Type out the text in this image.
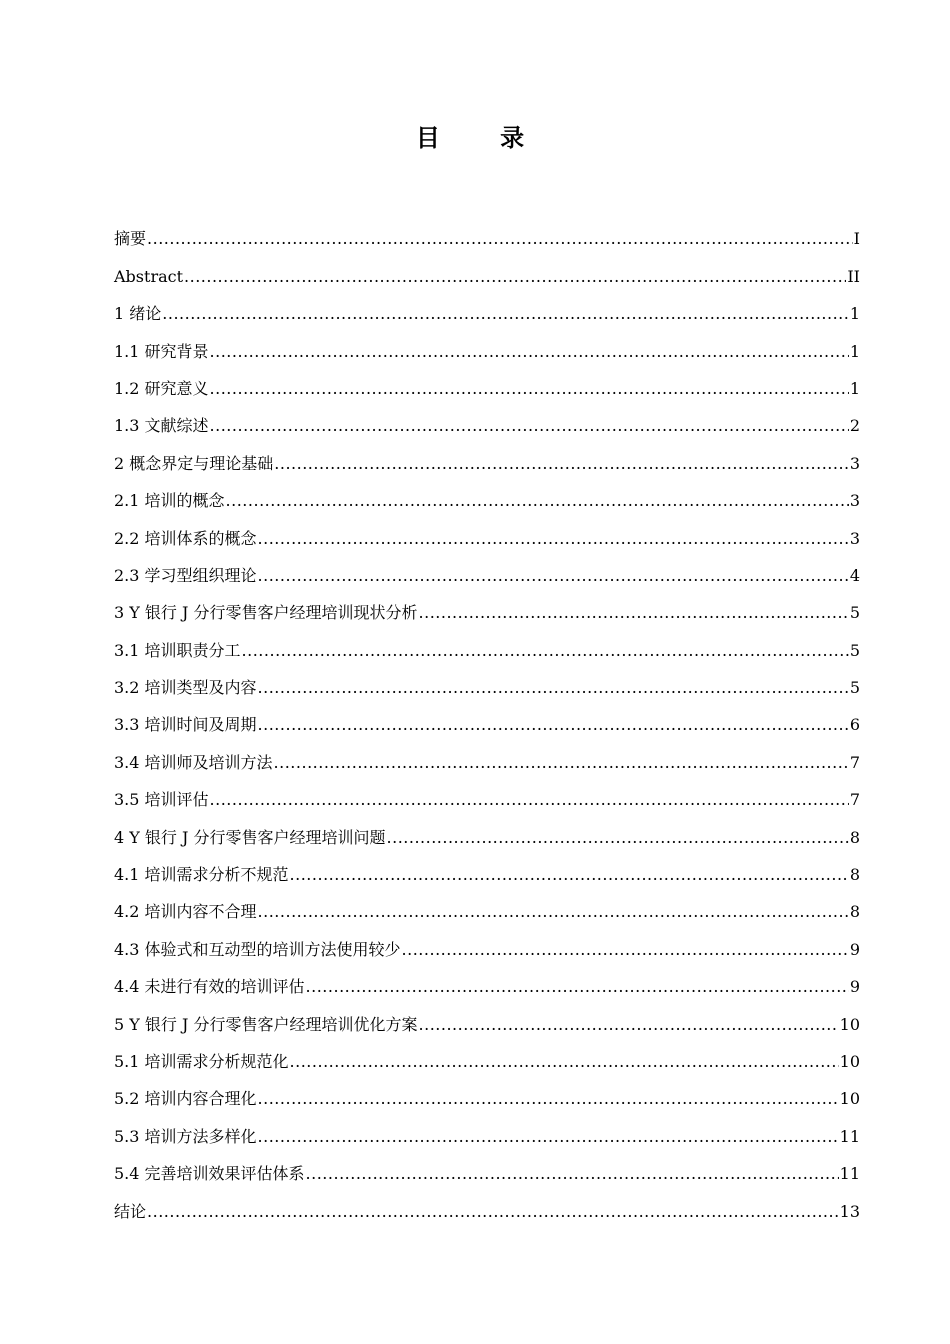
目 录
摘要 .....	I
Abstract .....	II
1 绪论 .....	1
1.1 研究背景 .....	1
1.2 研究意义 .....	1
1.3 文献综述 .....	2
2 概念界定与理论基础 .....	3
2.1 培训的概念 .....	3
2.2 培训体系的概念 .....	3
2.3 学习型组织理论 .....	4
3 Y 银行 J 分行零售客户经理培训现状分析 .....	5
3.1 培训职责分工 .....	5
3.2 培训类型及内容 .....	5
3.3 培训时间及周期 .....	6
3.4 培训师及培训方法 .....	7
3.5 培训评估 .....	7
4 Y 银行 J 分行零售客户经理培训问题 .....	8
4.1 培训需求分析不规范 .....	8
4.2 培训内容不合理 .....	8
4.3 体验式和互动型的培训方法使用较少 .....	9
4.4 未进行有效的培训评估 .....	9
5 Y 银行 J 分行零售客户经理培训优化方案 .....	10
5.1 培训需求分析规范化 .....	10
5.2 培训内容合理化 .....	10
5.3 培训方法多样化 .....	11
5.4 完善培训效果评估体系 .....	11
结论 .....	13
